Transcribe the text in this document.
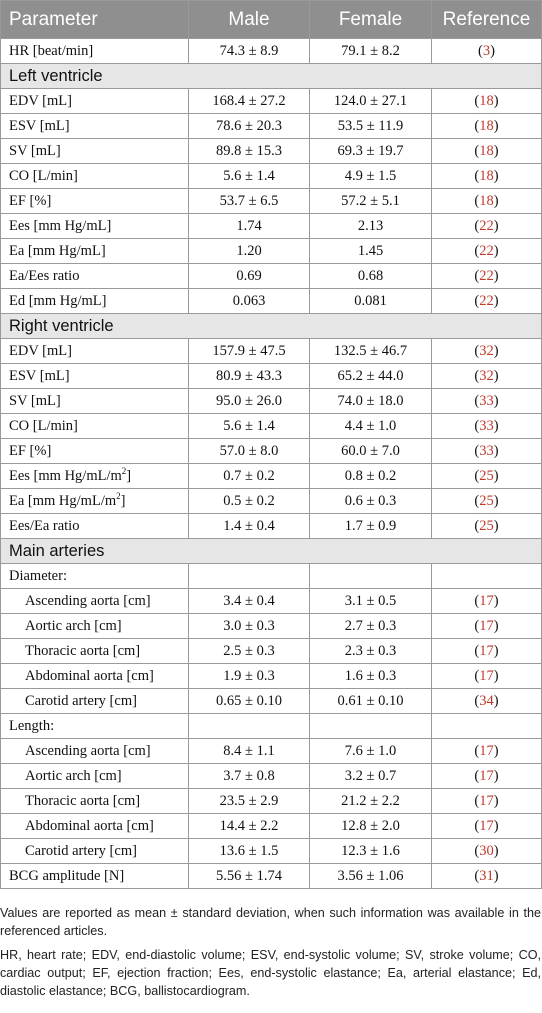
Parameter	Male	Female	Reference
HR [beat/min]	74.3 ± 8.9	79.1 ± 8.2	(3)
Left ventricle			
EDV [mL]	168.4 ± 27.2	124.0 ± 27.1	(18)
ESV [mL]	78.6 ± 20.3	53.5 ± 11.9	(18)
SV [mL]	89.8 ± 15.3	69.3 ± 19.7	(18)
CO [L/min]	5.6 ± 1.4	4.9 ± 1.5	(18)
EF [%]	53.7 ± 6.5	57.2 ± 5.1	(18)
Ees [mm Hg/mL]	1.74	2.13	(22)
Ea [mm Hg/mL]	1.20	1.45	(22)
Ea/Ees ratio	0.69	0.68	(22)
Ed [mm Hg/mL]	0.063	0.081	(22)
Right ventricle			
EDV [mL]	157.9 ± 47.5	132.5 ± 46.7	(32)
ESV [mL]	80.9 ± 43.3	65.2 ± 44.0	(32)
SV [mL]	95.0 ± 26.0	74.0 ± 18.0	(33)
CO [L/min]	5.6 ± 1.4	4.4 ± 1.0	(33)
EF [%]	57.0 ± 8.0	60.0 ± 7.0	(33)
Ees [mm $Hg/mL/m^2$]	0.7 ± 0.2	0.8 ± 0.2	(25)
Ea [mm $Hg/mL/m^2$]	0.5 ± 0.2	0.6 ± 0.3	(25)
Ees/Ea ratio	1.4 ± 0.4	1.7 ± 0.9	(25)
Main arteries			
Diameter:			
Ascending aorta [cm]	3.4 ± 0.4	3.1 ± 0.5	(17)
Aortic arch [cm]	3.0 ± 0.3	2.7 ± 0.3	(17)
Thoracic aorta [cm]	2.5 ± 0.3	2.3 ± 0.3	(17)
Abdominal aorta [cm]	1.9 ± 0.3	1.6 ± 0.3	(17)
Carotid artery [cm]	0.65 ± 0.10	0.61 ± 0.10	(34)
Length:			
Ascending aorta [cm]	8.4 ± 1.1	7.6 ± 1.0	(17)
Aortic arch [cm]	3.7 ± 0.8	3.2 ± 0.7	(17)
Thoracic aorta [cm]	23.5 ± 2.9	21.2 ± 2.2	(17)
Abdominal aorta [cm]	14.4 ± 2.2	12.8 ± 2.0	(17)
Carotid artery [cm]	13.6 ± 1.5	12.3 ± 1.6	(30)
BCG amplitude [N]	5.56 ± 1.74	3.56 ± 1.06	(31)

Values are reported as mean ± standard deviation, when such information was available in the referenced articles.

HR, heart rate; EDV, end-diastolic volume; ESV, end-systolic volume; SV, stroke volume; CO, cardiac output; EF, ejection fraction; Ees, end-systolic elastance; Ea, arterial elastance; Ed, diastolic elastance; BCG, ballistocardiogram.
